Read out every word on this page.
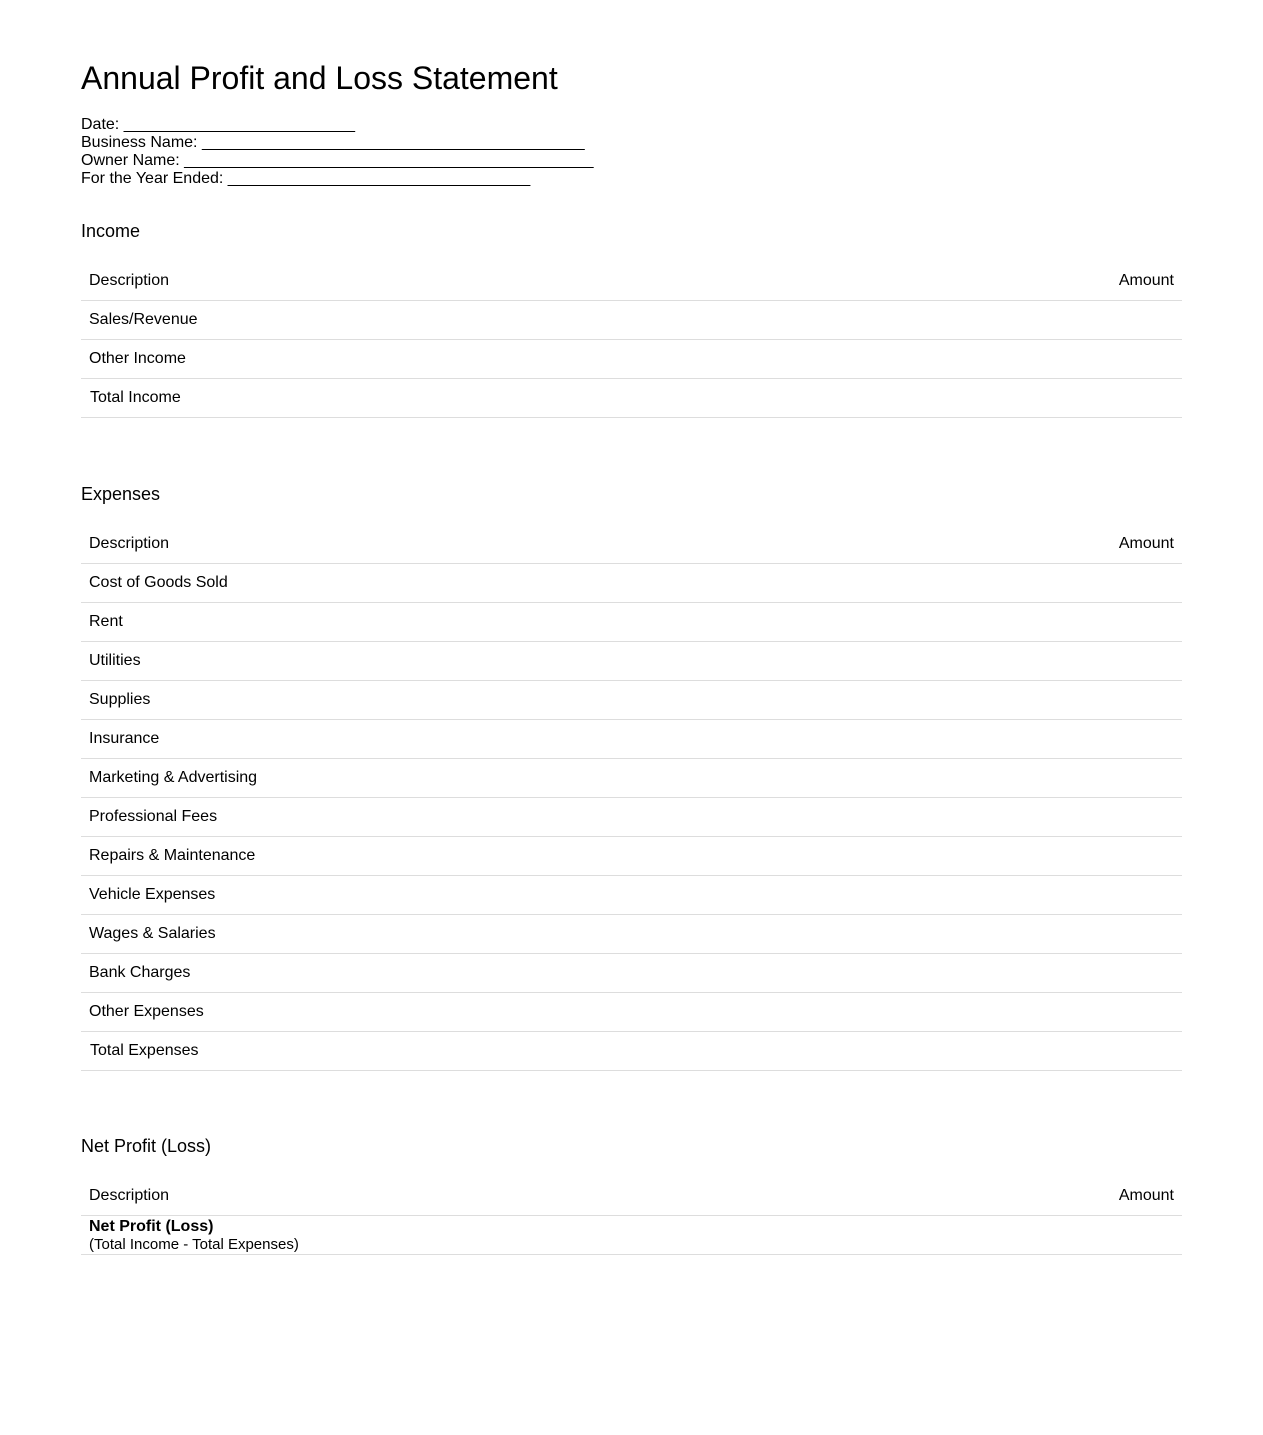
Annual Profit and Loss Statement
Date: __________________________
Business Name: ___________________________________________
Owner Name: ______________________________________________
For the Year Ended: __________________________________
Income
Description	Amount
Sales/Revenue	
Other Income	
Total Income	
Expenses
Description	Amount
Cost of Goods Sold	
Rent	
Utilities	
Supplies	
Insurance	
Marketing & Advertising	
Professional Fees	
Repairs & Maintenance	
Vehicle Expenses	
Wages & Salaries	
Bank Charges	
Other Expenses	
Total Expenses	
Net Profit (Loss)
Description	Amount

Net Profit (Loss)
(Total Income - Total Expenses)	
